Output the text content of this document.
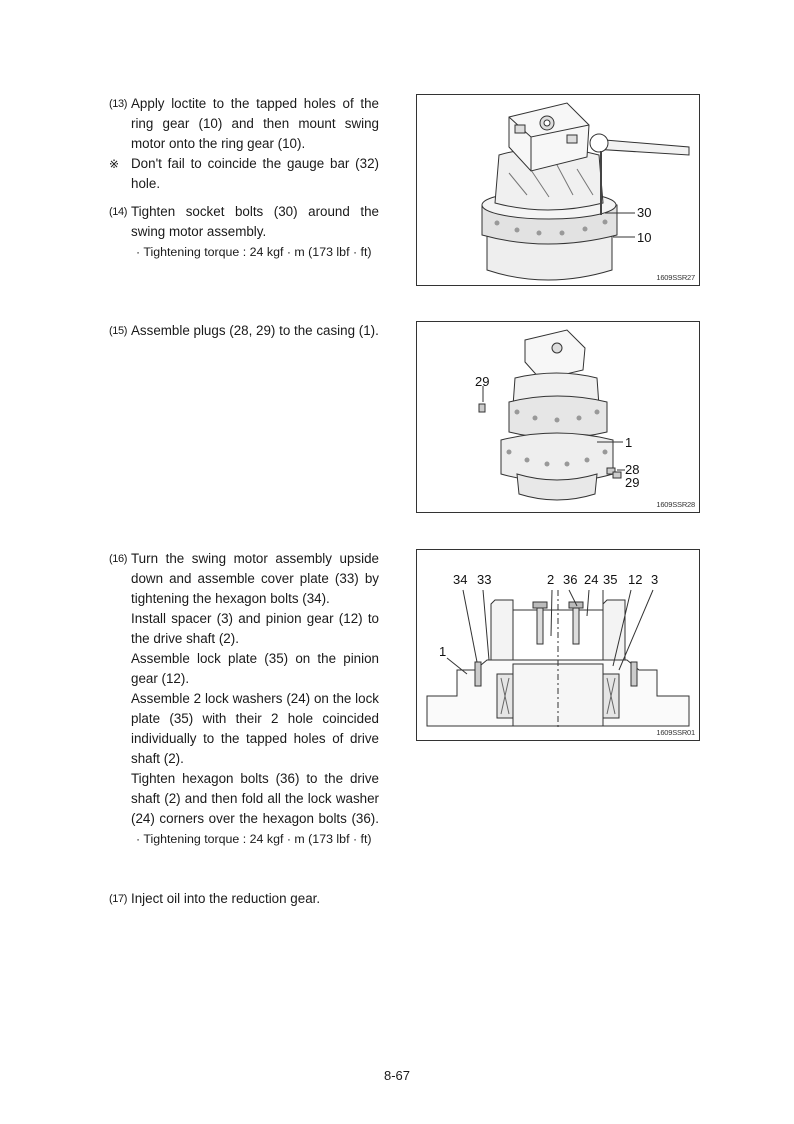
(13) Apply loctite to the tapped holes of the
ring gear (10) and then mount swing
motor onto the ring gear (10).
※ Don't fail to coincide the gauge bar (32)
hole.
(14) Tighten socket bolts (30) around the
swing motor assembly.
· Tightening torque : 24 kgf · m (173 lbf · ft)
(15) Assemble plugs (28, 29) to the casing (1).
(16) Turn the swing motor assembly upside
down and assemble cover plate (33) by
tightening the hexagon bolts (34).
Install spacer (3) and pinion gear (12) to
the drive shaft (2).
Assemble lock plate (35) on the pinion
gear (12).
Assemble 2 lock washers (24) on the lock
plate (35) with their 2 hole coincided
individually to the tapped holes of drive
shaft (2).
Tighten hexagon bolts (36) to the drive
shaft (2) and then fold all the lock washer
(24) corners over the hexagon bolts (36).
· Tightening torque : 24 kgf · m (173 lbf · ft)
(17) Inject oil into the reduction gear.
30
10
1609SSR27
29
1
28
29
1609SSR28
34 33	2 36 24 35 12 3
1
1609SSR01
8-67
